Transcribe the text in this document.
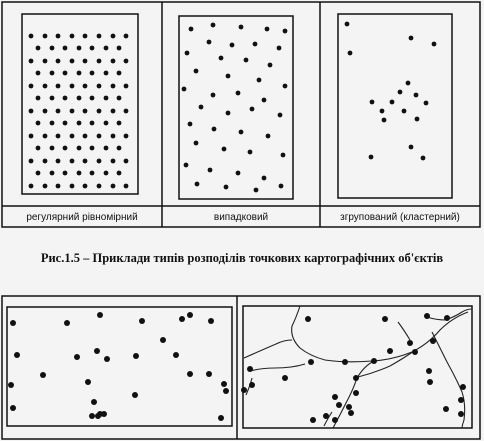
регулярний рівномірний	випадковий	згрупований (кластерний)
Рис.1.5 – Приклади типів розподілів точкових картографічних об'єктів
